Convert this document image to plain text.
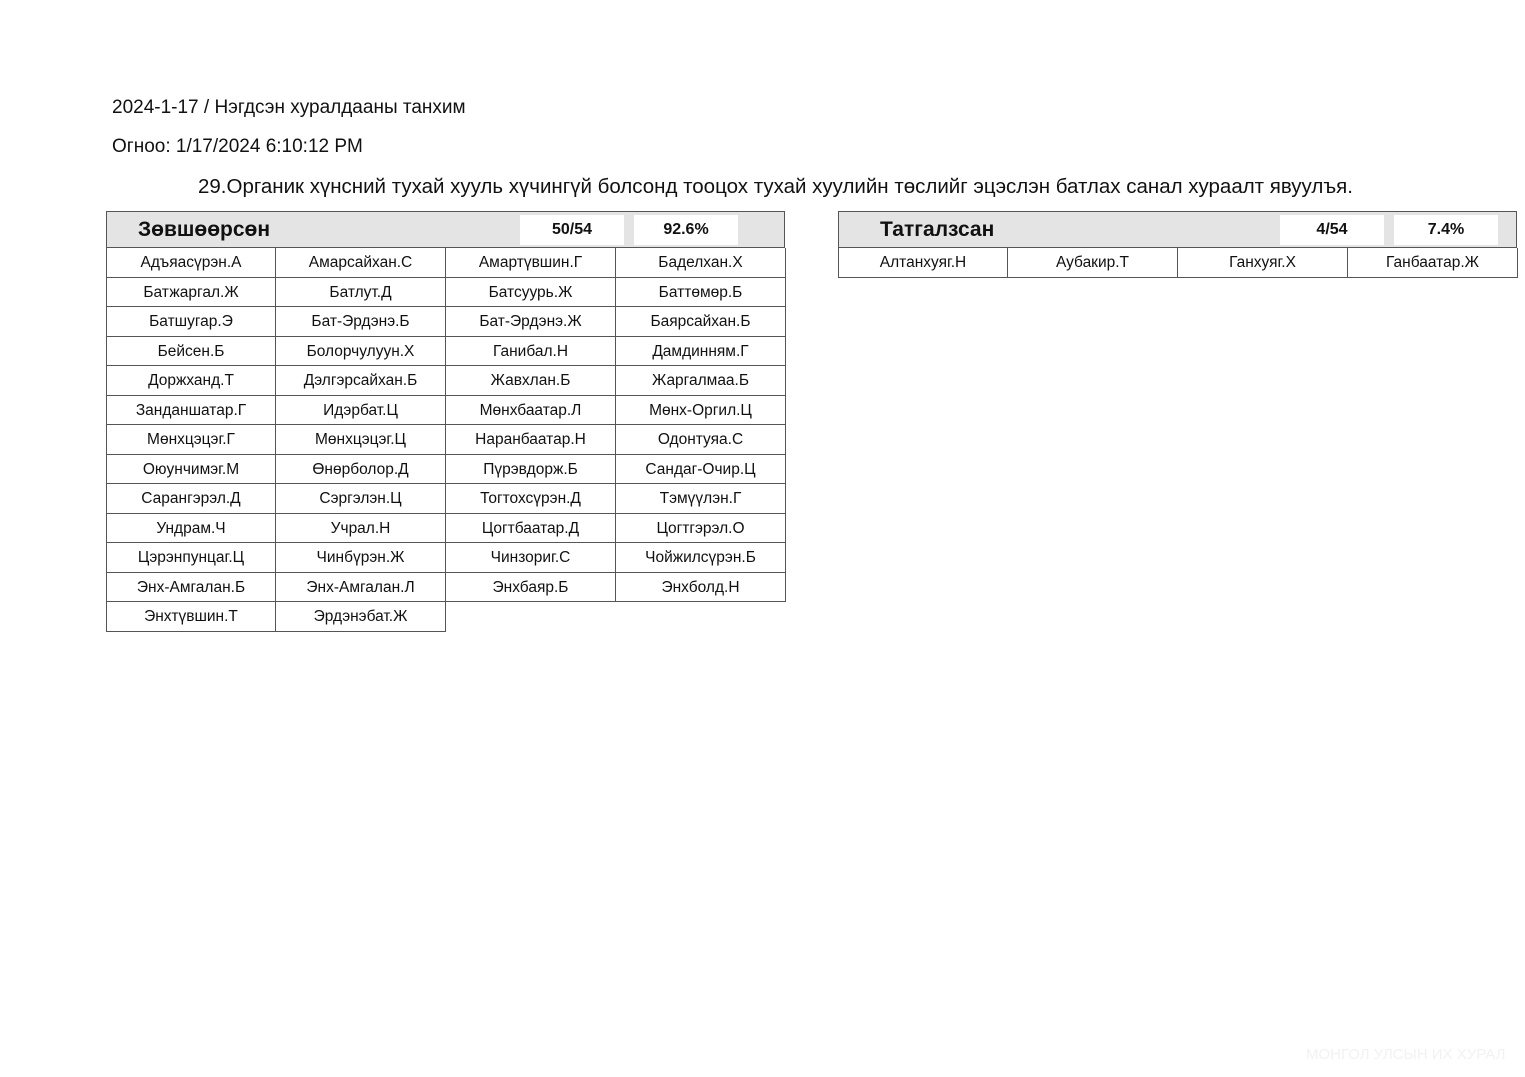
2024-1-17 / Нэгдсэн хуралдааны танхим
Огноо: 1/17/2024 6:10:12 PM
29.Органик хүнсний тухай хууль хүчингүй болсонд тооцох тухай хуулийн төслийг эцэслэн батлах санал хураалт явуулъя.
Зөвшөөрсөн	50/54	92.6%
Адъяасүрэн.А	Амарсайхан.С	Амартүвшин.Г	Баделхан.Х
Батжаргал.Ж	Батлут.Д	Батсуурь.Ж	Баттөмөр.Б
Батшугар.Э	Бат-Эрдэнэ.Б	Бат-Эрдэнэ.Ж	Баярсайхан.Б
Бейсен.Б	Болорчулуун.Х	Ганибал.Н	Дамдинням.Г
Доржханд.Т	Дэлгэрсайхан.Б	Жавхлан.Б	Жаргалмаа.Б
Занданшатар.Г	Идэрбат.Ц	Мөнхбаатар.Л	Мөнх-Оргил.Ц
Мөнхцэцэг.Г	Мөнхцэцэг.Ц	Наранбаатар.Н	Одонтуяа.С
Оюунчимэг.М	Өнөрболор.Д	Пүрэвдорж.Б	Сандаг-Очир.Ц
Сарангэрэл.Д	Сэргэлэн.Ц	Тогтохсүрэн.Д	Тэмүүлэн.Г
Ундрам.Ч	Учрал.Н	Цогтбаатар.Д	Цогтгэрэл.О
Цэрэнпунцаг.Ц	Чинбүрэн.Ж	Чинзориг.С	Чойжилсүрэн.Б
Энх-Амгалан.Б	Энх-Амгалан.Л	Энхбаяр.Б	Энхболд.Н
Энхтүвшин.Т	Эрдэнэбат.Ж
Татгалзсан	4/54	7.4%
Алтанхуяг.Н	Аубакир.Т	Ганхуяг.Х	Ганбаатар.Ж
МОНГОЛ УЛСЫН ИХ ХУРАЛ
